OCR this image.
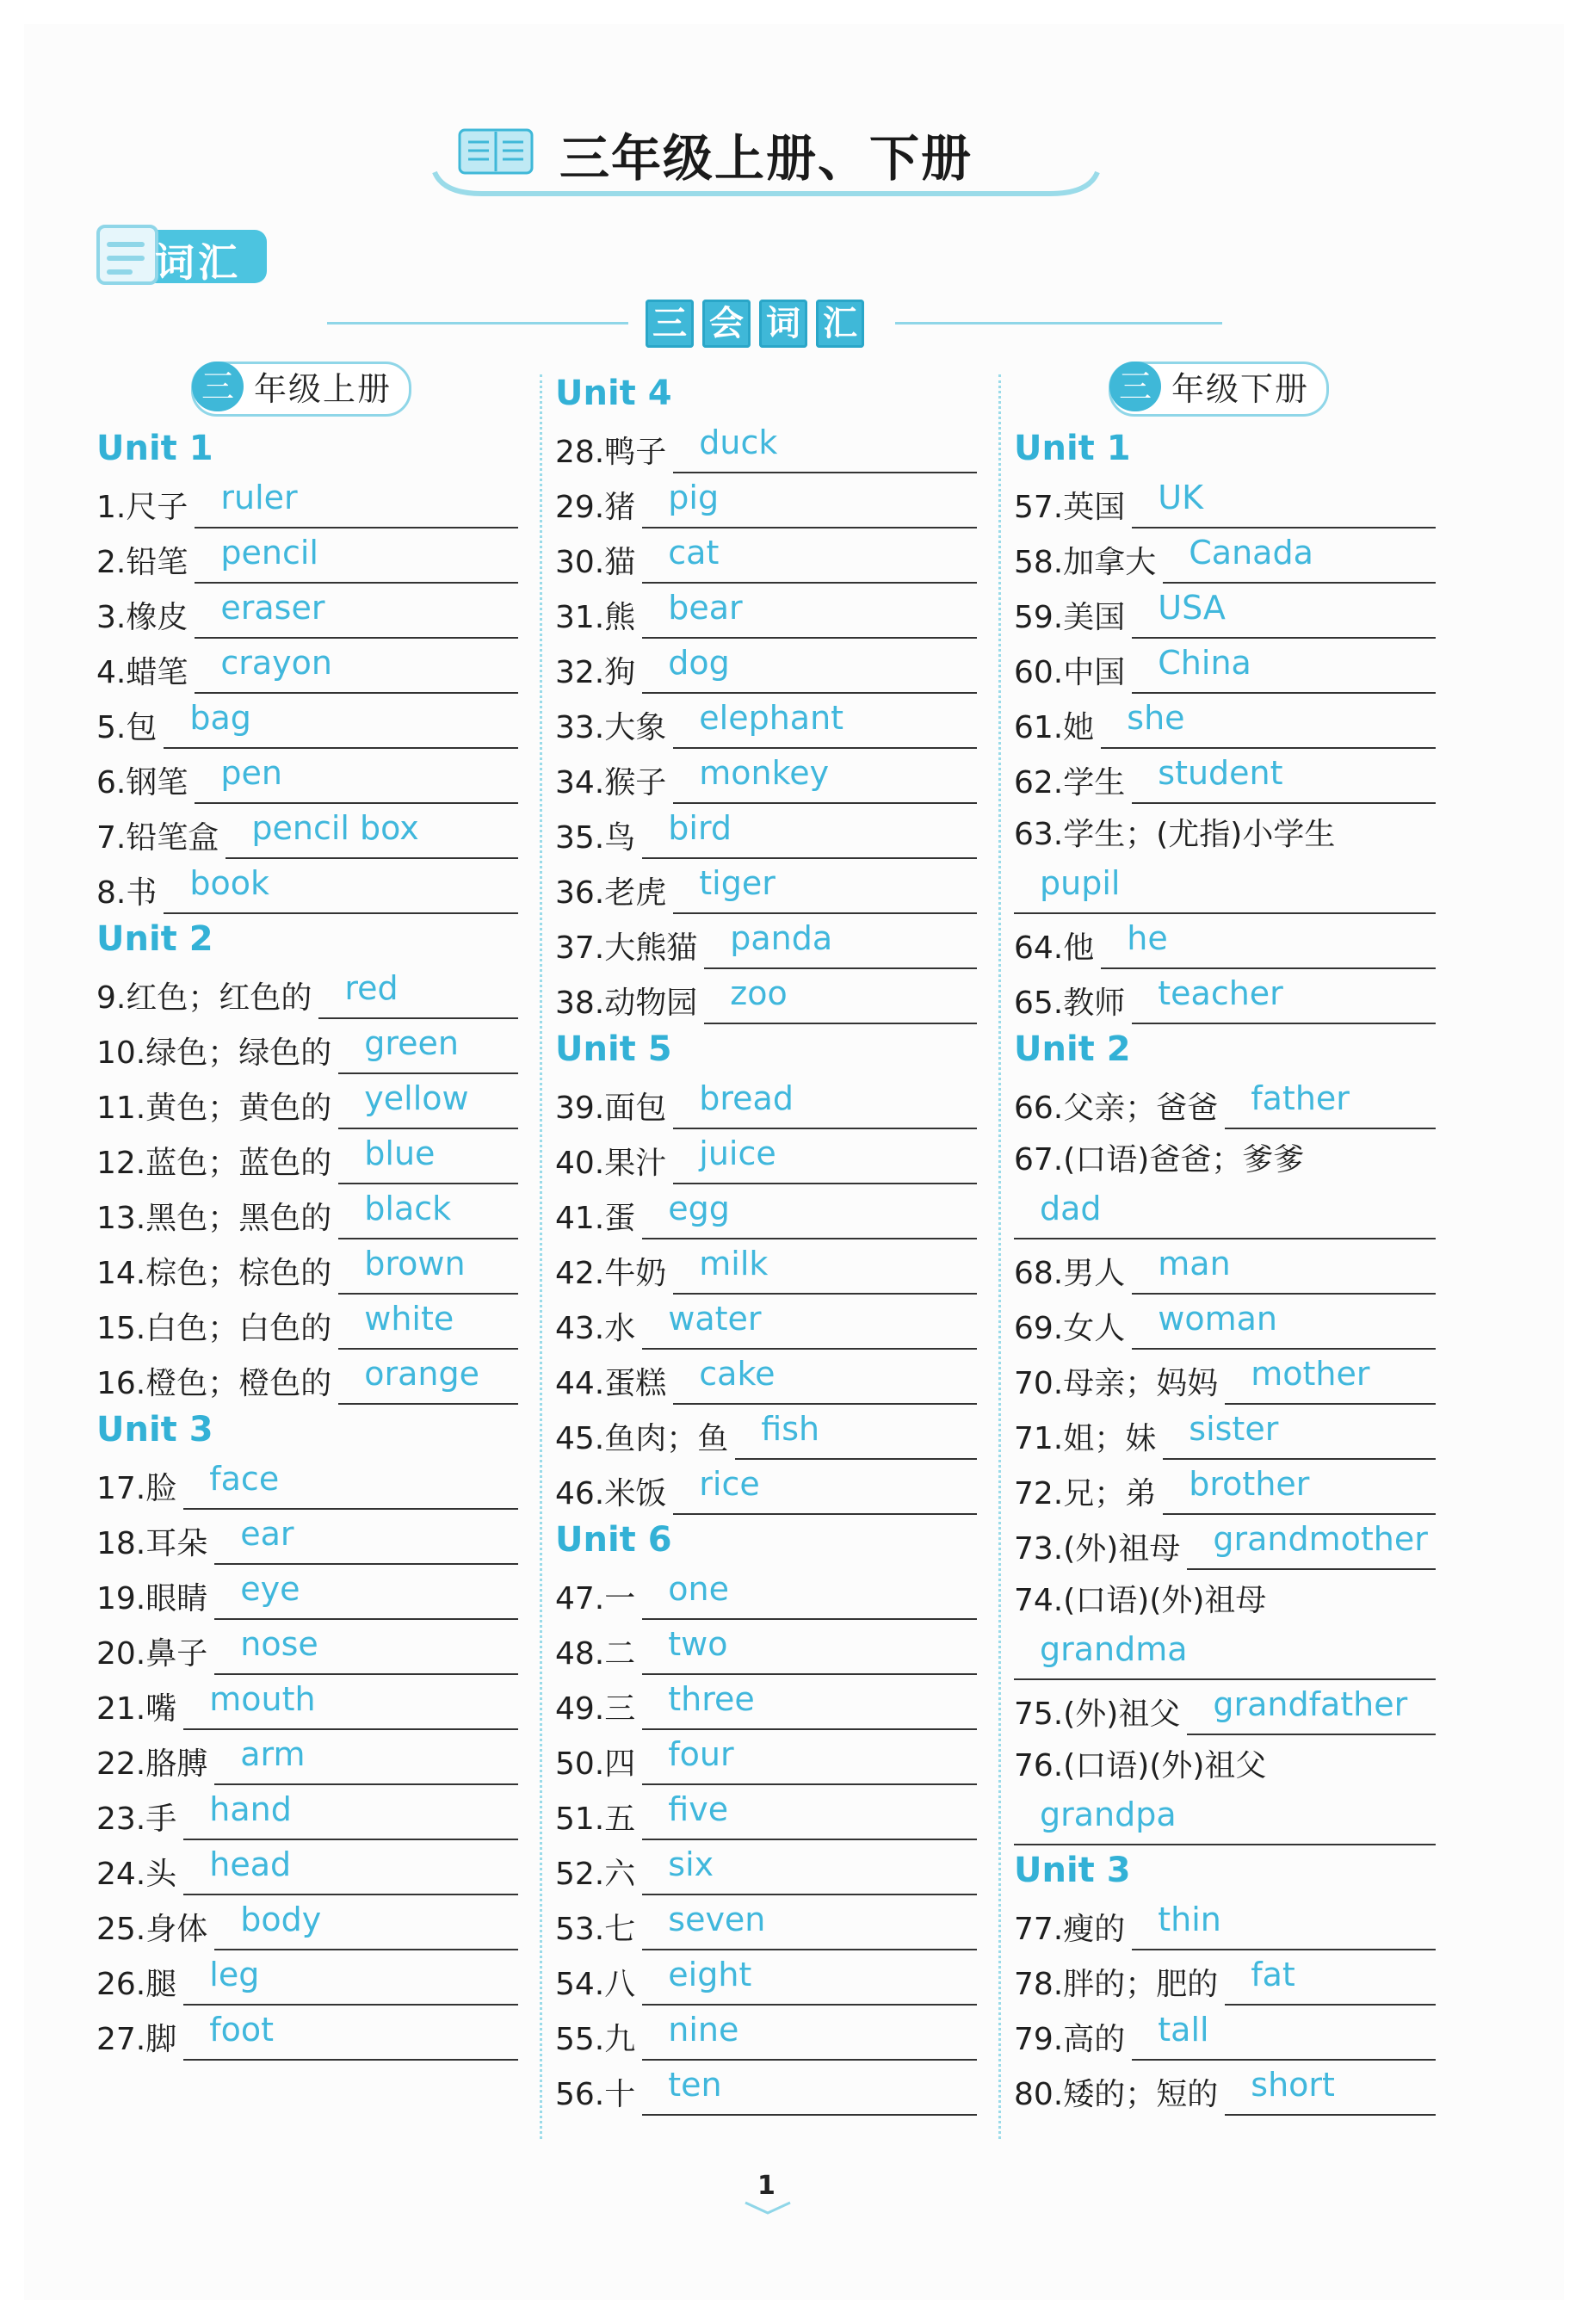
三年级上册、下册
词汇
三 会 词 汇
三 年级上册
Unit 1
1.尺子 ruler
2.铅笔 pencil
3.橡皮 eraser
4.蜡笔 crayon
5.包 bag
6.钢笔 pen
7.铅笔盒 pencil box
8.书 book
Unit 2
9.红色；红色的 red
10.绿色；绿色的 green
11.黄色；黄色的 yellow
12.蓝色；蓝色的 blue
13.黑色；黑色的 black
14.棕色；棕色的 brown
15.白色；白色的 white
16.橙色；橙色的 orange
Unit 3
17.脸 face
18.耳朵 ear
19.眼睛 eye
20.鼻子 nose
21.嘴 mouth
22.胳膊 arm
23.手 hand
24.头 head
25.身体 body
26.腿 leg
27.脚 foot
Unit 4
28.鸭子 duck
29.猪 pig
30.猫 cat
31.熊 bear
32.狗 dog
33.大象 elephant
34.猴子 monkey
35.鸟 bird
36.老虎 tiger
37.大熊猫 panda
38.动物园 zoo
Unit 5
39.面包 bread
40.果汁 juice
41.蛋 egg
42.牛奶 milk
43.水 water
44.蛋糕 cake
45.鱼肉；鱼 fish
46.米饭 rice
Unit 6
47.一 one
48.二 two
49.三 three
50.四 four
51.五 five
52.六 six
53.七 seven
54.八 eight
55.九 nine
56.十 ten
三 年级下册
Unit 1
57.英国 UK
58.加拿大 Canada
59.美国 USA
60.中国 China
61.她 she
62.学生 student
63.学生；(尤指)小学生
pupil
64.他 he
65.教师 teacher
Unit 2
66.父亲；爸爸 father
67.(口语)爸爸；爹爹
dad
68.男人 man
69.女人 woman
70.母亲；妈妈 mother
71.姐；妹 sister
72.兄；弟 brother
73.(外)祖母 grandmother
74.(口语)(外)祖母
grandma
75.(外)祖父 grandfather
76.(口语)(外)祖父
grandpa
Unit 3
77.瘦的 thin
78.胖的；肥的 fat
79.高的 tall
80.矮的；短的 short
1
